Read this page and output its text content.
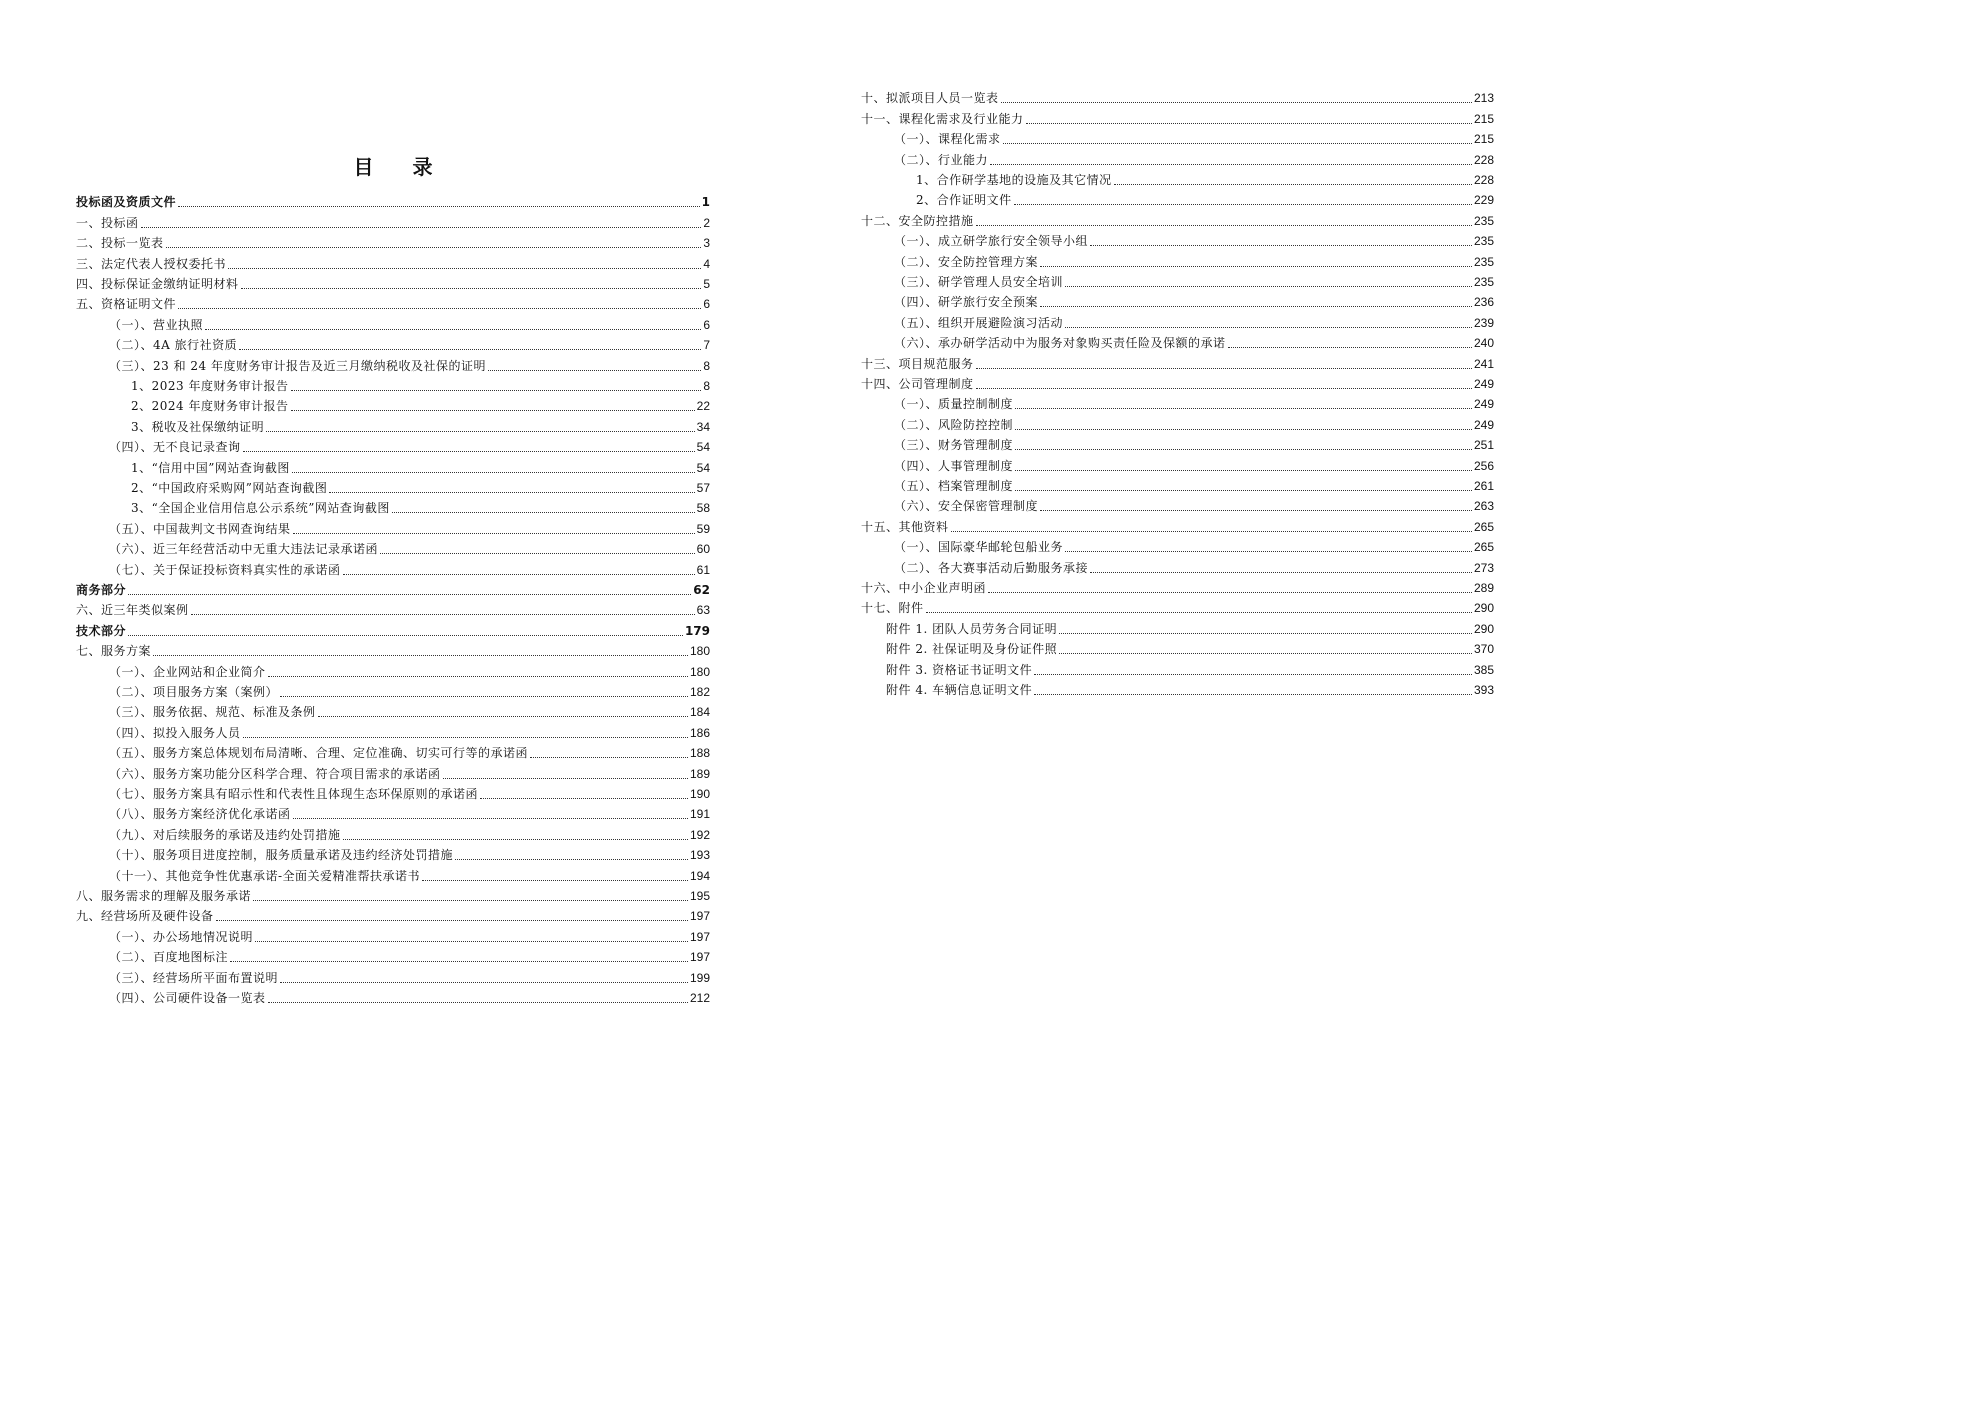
目 录
投标函及资质文件	1
一、投标函	2
二、投标一览表	3
三、法定代表人授权委托书	4
四、投标保证金缴纳证明材料	5
五、资格证明文件	6
（一）、营业执照	6
（二）、4A 旅行社资质	7
（三）、23 和 24 年度财务审计报告及近三月缴纳税收及社保的证明	8
1、2023 年度财务审计报告	8
2、2024 年度财务审计报告	22
3、税收及社保缴纳证明	34
（四）、无不良记录查询	54
1、“信用中国”网站查询截图	54
2、“中国政府采购网”网站查询截图	57
3、“全国企业信用信息公示系统”网站查询截图	58
（五）、中国裁判文书网查询结果	59
（六）、近三年经营活动中无重大违法记录承诺函	60
（七）、关于保证投标资料真实性的承诺函	61
商务部分	62
六、近三年类似案例	63
技术部分	179
七、服务方案	180
（一）、企业网站和企业简介	180
（二）、项目服务方案（案例）	182
（三）、服务依据、规范、标准及条例	184
（四）、拟投入服务人员	186
（五）、服务方案总体规划布局清晰、合理、定位准确、切实可行等的承诺函	188
（六）、服务方案功能分区科学合理、符合项目需求的承诺函	189
（七）、服务方案具有昭示性和代表性且体现生态环保原则的承诺函	190
（八）、服务方案经济优化承诺函	191
（九）、对后续服务的承诺及违约处罚措施	192
（十）、服务项目进度控制，服务质量承诺及违约经济处罚措施	193
（十一）、其他竞争性优惠承诺-全面关爱精准帮扶承诺书	194
八、服务需求的理解及服务承诺	195
九、经营场所及硬件设备	197
（一）、办公场地情况说明	197
（二）、百度地图标注	197
（三）、经营场所平面布置说明	199
（四）、公司硬件设备一览表	212
十、拟派项目人员一览表	213
十一、课程化需求及行业能力	215
（一）、课程化需求	215
（二）、行业能力	228
1、合作研学基地的设施及其它情况	228
2、合作证明文件	229
十二、安全防控措施	235
（一）、成立研学旅行安全领导小组	235
（二）、安全防控管理方案	235
（三）、研学管理人员安全培训	235
（四）、研学旅行安全预案	236
（五）、组织开展避险演习活动	239
（六）、承办研学活动中为服务对象购买责任险及保额的承诺	240
十三、项目规范服务	241
十四、公司管理制度	249
（一）、质量控制制度	249
（二）、风险防控控制	249
（三）、财务管理制度	251
（四）、人事管理制度	256
（五）、档案管理制度	261
（六）、安全保密管理制度	263
十五、其他资料	265
（一）、国际豪华邮轮包船业务	265
（二）、各大赛事活动后勤服务承接	273
十六、中小企业声明函	289
十七、附件	290
附件 1. 团队人员劳务合同证明	290
附件 2. 社保证明及身份证件照	370
附件 3. 资格证书证明文件	385
附件 4. 车辆信息证明文件	393
